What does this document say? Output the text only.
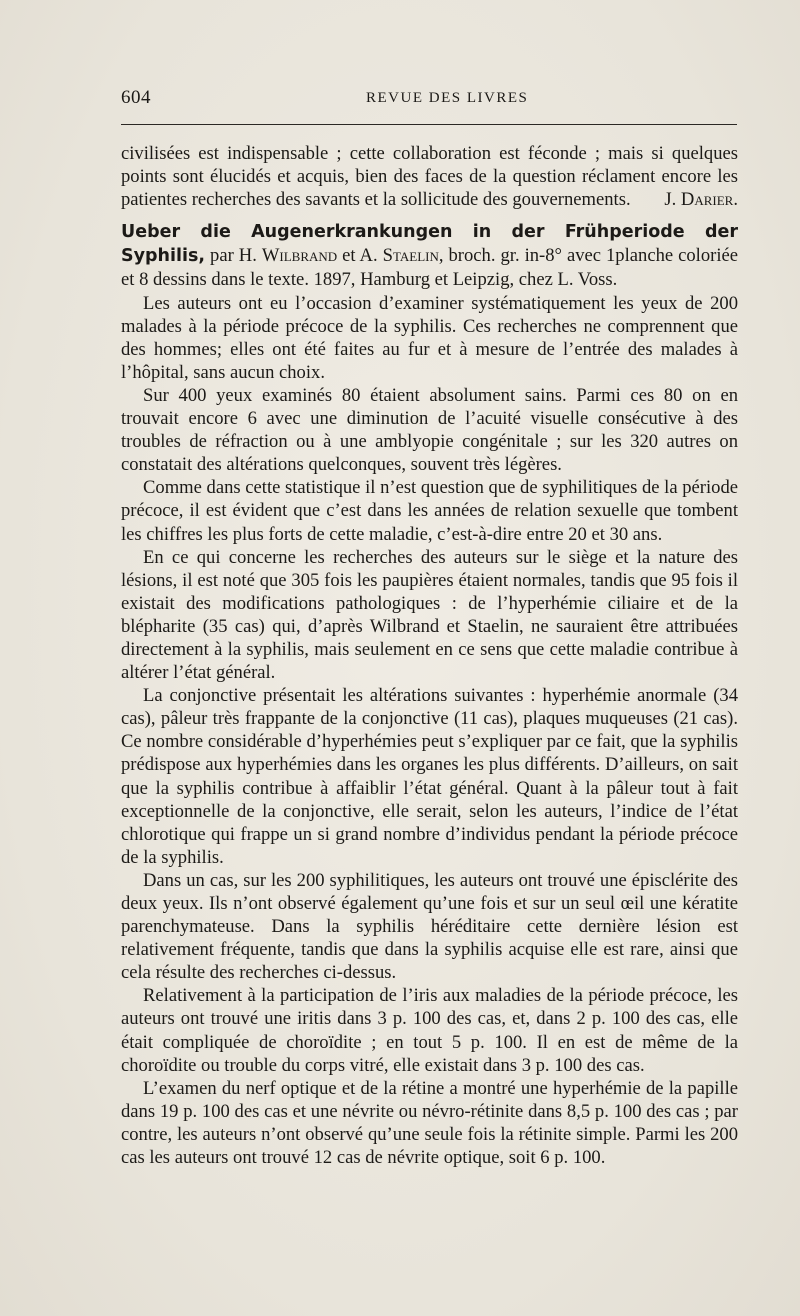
604	REVUE DES LIVRES

civilisées est indispensable ; cette collaboration est féconde ; mais si quelques points sont élucidés et acquis, bien des faces de la question réclament encore les patientes recherches des savants et la sollicitude des gouvernements. J. Darier.

Ueber die Augenerkrankungen in der Frühperiode der Syphilis, par H. Wilbrand et A. Staelin, broch. gr. in-8° avec 1planche coloriée et 8 dessins dans le texte. 1897, Hamburg et Leipzig, chez L. Voss.

Les auteurs ont eu l’occasion d’examiner systématiquement les yeux de 200 malades à la période précoce de la syphilis. Ces recherches ne comprennent que des hommes; elles ont été faites au fur et à mesure de l’entrée des malades à l’hôpital, sans aucun choix.

Sur 400 yeux examinés 80 étaient absolument sains. Parmi ces 80 on en trouvait encore 6 avec une diminution de l’acuité visuelle consécutive à des troubles de réfraction ou à une amblyopie congénitale ; sur les 320 autres on constatait des altérations quelconques, souvent très légères.

Comme dans cette statistique il n’est question que de syphilitiques de la période précoce, il est évident que c’est dans les années de relation sexuelle que tombent les chiffres les plus forts de cette maladie, c’est-à-dire entre 20 et 30 ans.

En ce qui concerne les recherches des auteurs sur le siège et la nature des lésions, il est noté que 305 fois les paupières étaient normales, tandis que 95 fois il existait des modifications pathologiques : de l’hyperhémie ciliaire et de la blépharite (35 cas) qui, d’après Wilbrand et Staelin, ne sauraient être attribuées directement à la syphilis, mais seulement en ce sens que cette maladie contribue à altérer l’état général.

La conjonctive présentait les altérations suivantes : hyperhémie anormale (34 cas), pâleur très frappante de la conjonctive (11 cas), plaques muqueuses (21 cas). Ce nombre considérable d’hyperhémies peut s’expliquer par ce fait, que la syphilis prédispose aux hyperhémies dans les organes les plus différents. D’ailleurs, on sait que la syphilis contribue à affaiblir l’état général. Quant à la pâleur tout à fait exceptionnelle de la conjonctive, elle serait, selon les auteurs, l’indice de l’état chlorotique qui frappe un si grand nombre d’individus pendant la période précoce de la syphilis.

Dans un cas, sur les 200 syphilitiques, les auteurs ont trouvé une épisclérite des deux yeux. Ils n’ont observé également qu’une fois et sur un seul œil une kératite parenchymateuse. Dans la syphilis héréditaire cette dernière lésion est relativement fréquente, tandis que dans la syphilis acquise elle est rare, ainsi que cela résulte des recherches ci-dessus.

Relativement à la participation de l’iris aux maladies de la période précoce, les auteurs ont trouvé une iritis dans 3 p. 100 des cas, et, dans 2 p. 100 des cas, elle était compliquée de choroïdite ; en tout 5 p. 100. Il en est de même de la choroïdite ou trouble du corps vitré, elle existait dans 3 p. 100 des cas.

L’examen du nerf optique et de la rétine a montré une hyperhémie de la papille dans 19 p. 100 des cas et une névrite ou névro-rétinite dans 8,5 p. 100 des cas ; par contre, les auteurs n’ont observé qu’une seule fois la rétinite simple. Parmi les 200 cas les auteurs ont trouvé 12 cas de névrite optique, soit 6 p. 100.
